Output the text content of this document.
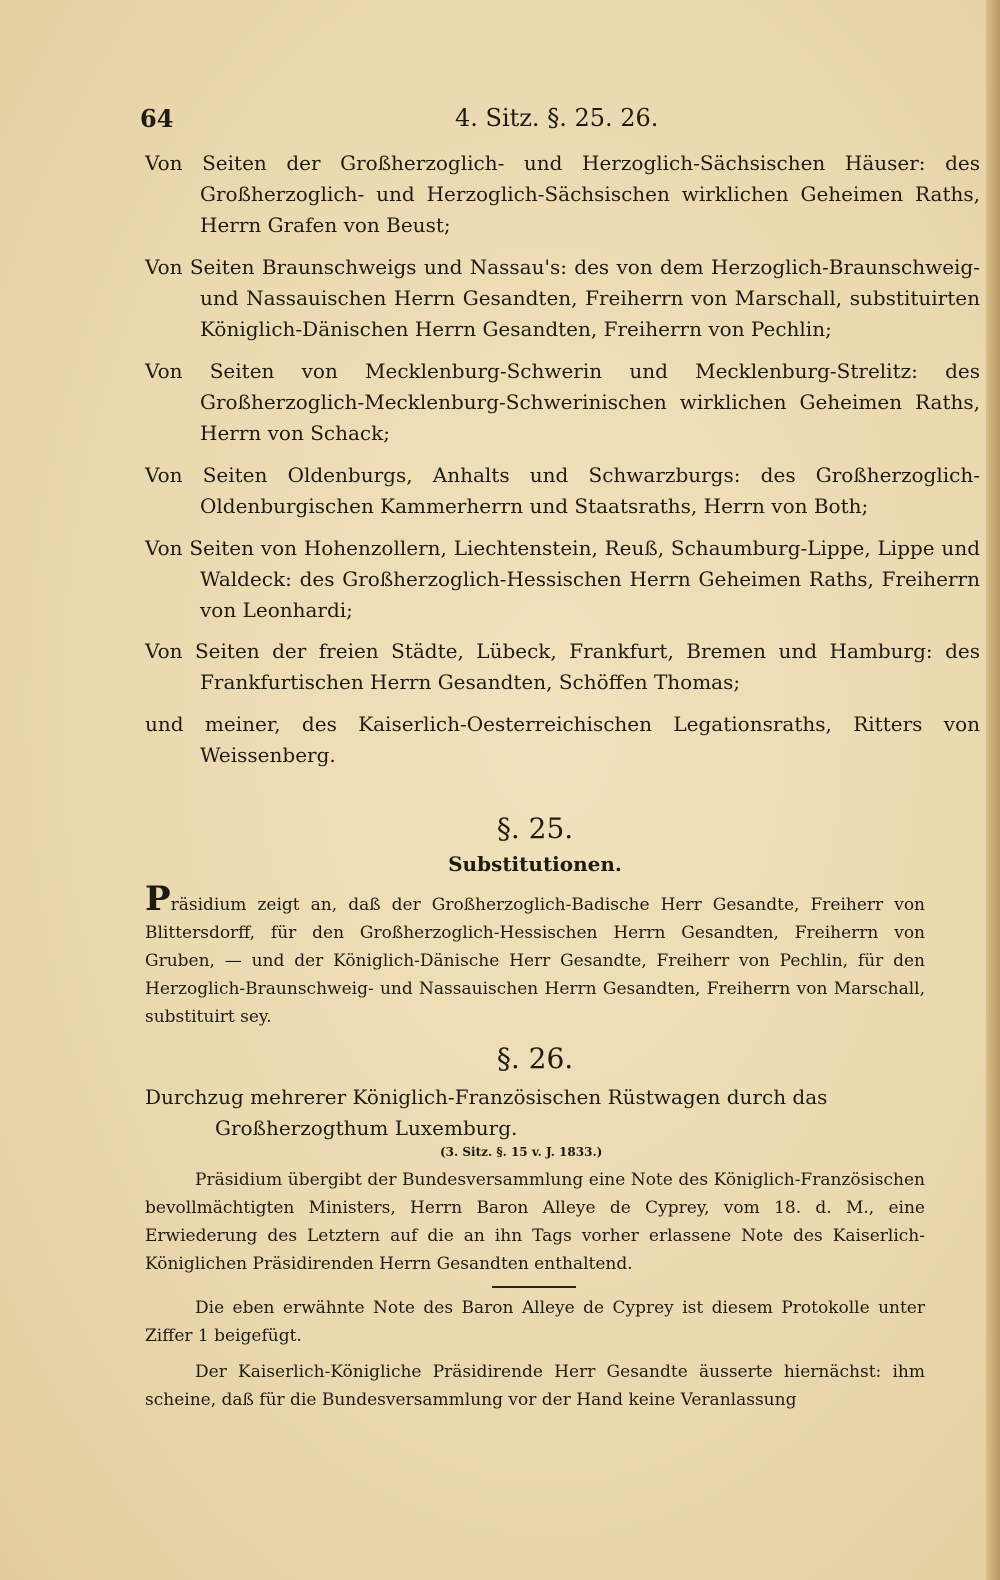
64	4. Sitz. §. 25. 26.
Von Seiten der Großherzoglich- und Herzoglich-Sächsischen Häuser: des Großherzoglich- und Herzoglich-Sächsischen wirklichen Geheimen Raths, Herrn Grafen von Beust;
Von Seiten Braunschweigs und Nassau's: des von dem Herzoglich-Braunschweig- und Nassauischen Herrn Gesandten, Freiherrn von Marschall, substituirten Königlich-Dänischen Herrn Gesandten, Freiherrn von Pechlin;
Von Seiten von Mecklenburg-Schwerin und Mecklenburg-Strelitz: des Großherzoglich-Mecklenburg-Schwerinischen wirklichen Geheimen Raths, Herrn von Schack;
Von Seiten Oldenburgs, Anhalts und Schwarzburgs: des Großherzoglich-Oldenburgischen Kammerherrn und Staatsraths, Herrn von Both;
Von Seiten von Hohenzollern, Liechtenstein, Reuß, Schaumburg-Lippe, Lippe und Waldeck: des Großherzoglich-Hessischen Herrn Geheimen Raths, Freiherrn von Leonhardi;
Von Seiten der freien Städte, Lübeck, Frankfurt, Bremen und Hamburg: des Frankfurtischen Herrn Gesandten, Schöffen Thomas;
und meiner, des Kaiserlich-Oesterreichischen Legationsraths, Ritters von Weissenberg.
§. 25.
Substitutionen.
Präsidium zeigt an, daß der Großherzoglich-Badische Herr Gesandte, Freiherr von Blittersdorff, für den Großherzoglich-Hessischen Herrn Gesandten, Freiherrn von Gruben, — und der Königlich-Dänische Herr Gesandte, Freiherr von Pechlin, für den Herzoglich-Braunschweig- und Nassauischen Herrn Gesandten, Freiherrn von Marschall, substituirt sey.
§. 26.
Durchzug mehrerer Königlich-Französischen Rüstwagen durch das Großherzogthum Luxemburg.
(3. Sitz. §. 15 v. J. 1833.)
Präsidium übergibt der Bundesversammlung eine Note des Königlich-Französischen bevollmächtigten Ministers, Herrn Baron Alleye de Cyprey, vom 18. d. M., eine Erwiederung des Letztern auf die an ihn Tags vorher erlassene Note des Kaiserlich-Königlichen Präsidirenden Herrn Gesandten enthaltend.
Die eben erwähnte Note des Baron Alleye de Cyprey ist diesem Protokolle unter Ziffer 1 beigefügt.
Der Kaiserlich-Königliche Präsidirende Herr Gesandte äusserte hiernächst: ihm scheine, daß für die Bundesversammlung vor der Hand keine Veranlassung
